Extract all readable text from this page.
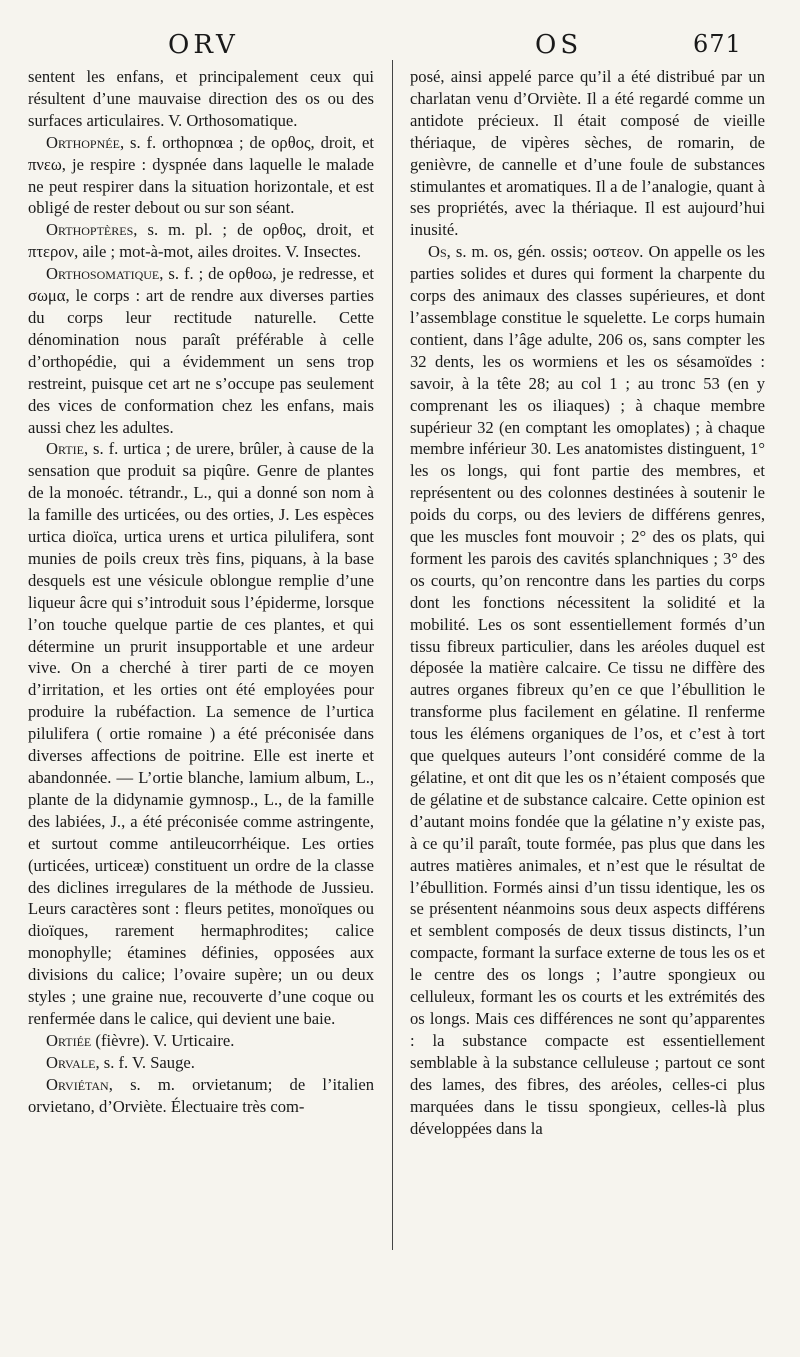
ORV	OS	671

sentent les enfans, et principalement ceux qui résultent d’une mauvaise direction des os ou des surfaces articulaires. V. Orthosomatique.

Orthopnée, s. f. orthopnœa ; de ορθος, droit, et πνεω, je respire : dyspnée dans laquelle le malade ne peut respirer dans la situation horizontale, et est obligé de rester debout ou sur son séant.

Orthoptères, s. m. pl. ; de ορθος, droit, et πτερον, aile ; mot-à-mot, ailes droites. V. Insectes.

Orthosomatique, s. f. ; de ορθοω, je redresse, et σωμα, le corps : art de rendre aux diverses parties du corps leur rectitude naturelle. Cette dénomination nous paraît préférable à celle d’orthopédie, qui a évidemment un sens trop restreint, puisque cet art ne s’occupe pas seulement des vices de conformation chez les enfans, mais aussi chez les adultes.

Ortie, s. f. urtica ; de urere, brûler, à cause de la sensation que produit sa piqûre. Genre de plantes de la monoéc. tétrandr., L., qui a donné son nom à la famille des urticées, ou des orties, J. Les espèces urtica dioïca, urtica urens et urtica pilulifera, sont munies de poils creux très fins, piquans, à la base desquels est une vésicule oblongue remplie d’une liqueur âcre qui s’introduit sous l’épiderme, lorsque l’on touche quelque partie de ces plantes, et qui détermine un prurit insupportable et une ardeur vive. On a cherché à tirer parti de ce moyen d’irritation, et les orties ont été employées pour produire la rubéfaction. La semence de l’urtica pilulifera ( ortie romaine ) a été préconisée dans diverses affections de poitrine. Elle est inerte et abandonnée. — L’ortie blanche, lamium album, L., plante de la didynamie gymnosp., L., de la famille des labiées, J., a été préconisée comme astringente, et surtout comme antileucorrhéique. Les orties (urticées, urticeæ) constituent un ordre de la classe des diclines irregulares de la méthode de Jussieu. Leurs caractères sont : fleurs petites, monoïques ou dioïques, rarement hermaphrodites; calice monophylle; étamines définies, opposées aux divisions du calice; l’ovaire supère; un ou deux styles ; une graine nue, recouverte d’une coque ou renfermée dans le calice, qui devient une baie.

Ortiée (fièvre). V. Urticaire.

Orvale, s. f. V. Sauge.

Orviétan, s. m. orvietanum; de l’italien orvietano, d’Orviète. Électuaire très com-

posé, ainsi appelé parce qu’il a été distribué par un charlatan venu d’Orviète. Il a été regardé comme un antidote précieux. Il était composé de vieille thériaque, de vipères sèches, de romarin, de genièvre, de cannelle et d’une foule de substances stimulantes et aromatiques. Il a de l’analogie, quant à ses propriétés, avec la thériaque. Il est aujourd’hui inusité.

Os, s. m. os, gén. ossis; οστεον. On appelle os les parties solides et dures qui forment la charpente du corps des animaux des classes supérieures, et dont l’assemblage constitue le squelette. Le corps humain contient, dans l’âge adulte, 206 os, sans compter les 32 dents, les os wormiens et les os sésamoïdes : savoir, à la tête 28; au col 1 ; au tronc 53 (en y comprenant les os iliaques) ; à chaque membre supérieur 32 (en comptant les omoplates) ; à chaque membre inférieur 30. Les anatomistes distinguent, 1° les os longs, qui font partie des membres, et représentent ou des colonnes destinées à soutenir le poids du corps, ou des leviers de différens genres, que les muscles font mouvoir ; 2° des os plats, qui forment les parois des cavités splanchniques ; 3° des os courts, qu’on rencontre dans les parties du corps dont les fonctions nécessitent la solidité et la mobilité. Les os sont essentiellement formés d’un tissu fibreux particulier, dans les aréoles duquel est déposée la matière calcaire. Ce tissu ne diffère des autres organes fibreux qu’en ce que l’ébullition le transforme plus facilement en gélatine. Il renferme tous les élémens organiques de l’os, et c’est à tort que quelques auteurs l’ont considéré comme de la gélatine, et ont dit que les os n’étaient composés que de gélatine et de substance calcaire. Cette opinion est d’autant moins fondée que la gélatine n’y existe pas, à ce qu’il paraît, toute formée, pas plus que dans les autres matières animales, et n’est que le résultat de l’ébullition. Formés ainsi d’un tissu identique, les os se présentent néanmoins sous deux aspects différens et semblent composés de deux tissus distincts, l’un compacte, formant la surface externe de tous les os et le centre des os longs ; l’autre spongieux ou celluleux, formant les os courts et les extrémités des os longs. Mais ces différences ne sont qu’apparentes : la substance compacte est essentiellement semblable à la substance celluleuse ; partout ce sont des lames, des fibres, des aréoles, celles-ci plus marquées dans le tissu spongieux, celles-là plus développées dans la
